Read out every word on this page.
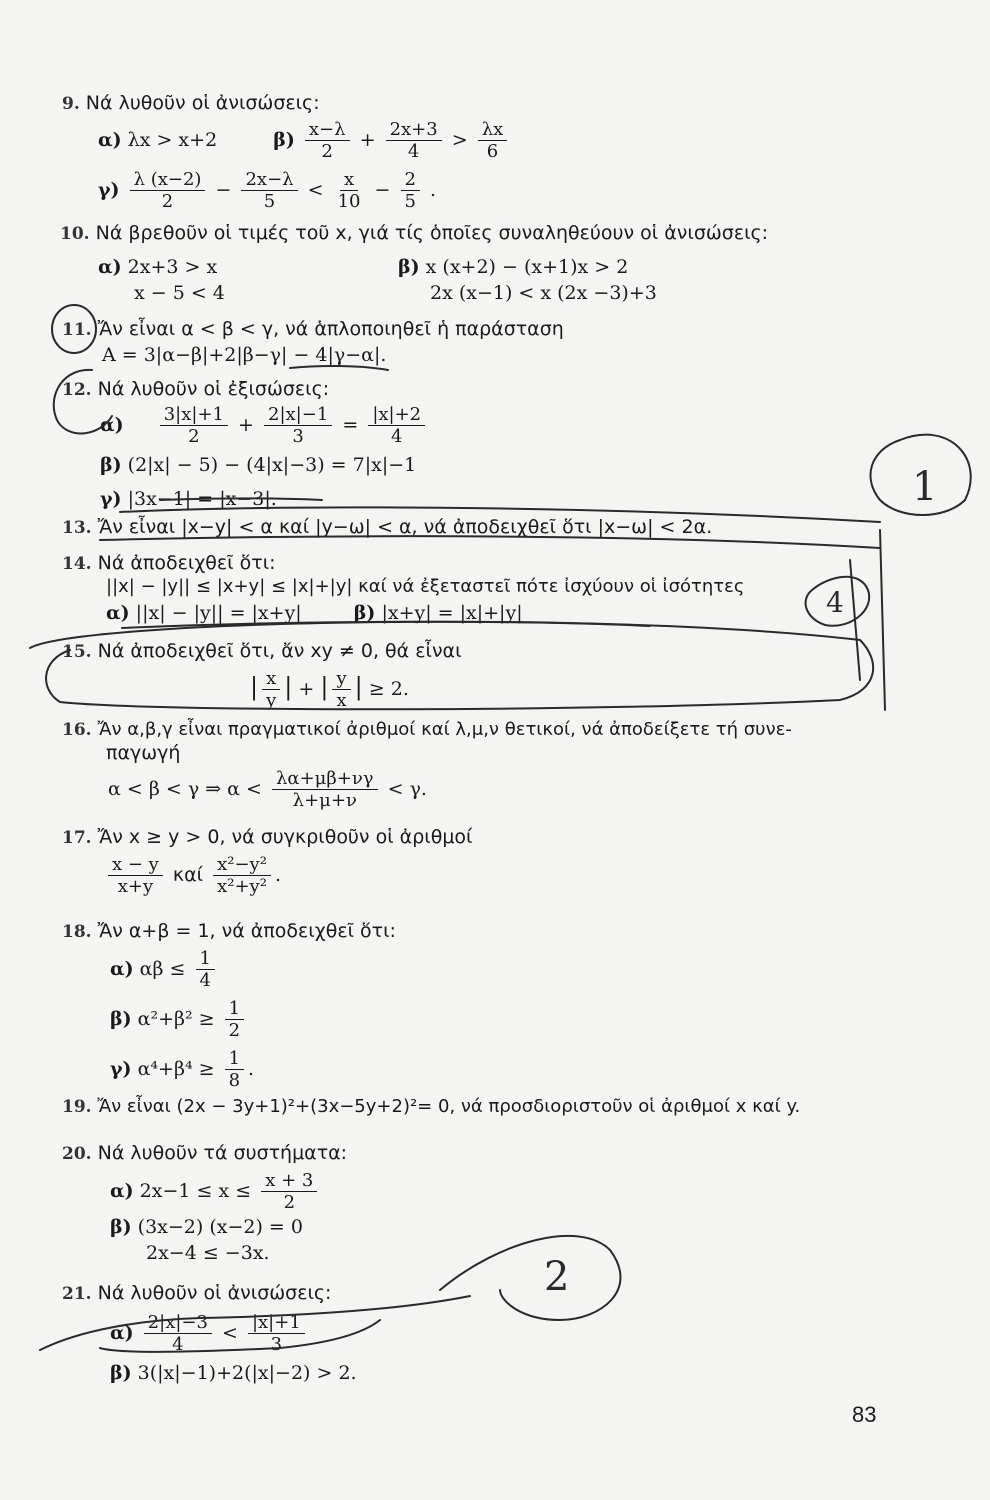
9. Νά λυθοῦν οἱ ἀνισώσεις:
α) λx > x+2	$\beta) \frac{x-\lambda}{2} + \frac{2x+3}{4} > \frac{\lambda x}{6}$
$\gamma) \frac{\lambda (x-2)}{2} - \frac{2x-\lambda}{5} < \frac{x}{10} - \frac{2}{5}$ .
10. Νά βρεθοῦν οἱ τιμές τοῦ x, γιά τίς ὁποῖες συναληθεύουν οἱ ἀνισώσεις:
α) 2x+3 > x
x − 5 < 4
β) x (x+2) − (x+1)x > 2
2x (x−1) < x (2x −3)+3
11. Ἄν εἶναι α < β < γ, νά ἁπλοποιηθεῖ ἡ παράσταση
A = 3|α−β|+2|β−γ| − 4|γ−α|.
12. Νά λυθοῦν οἱ ἐξισώσεις:
$\alpha) \frac{3|x|+1}{2} + \frac{2|x|-1}{3} = \frac{|x|+2}{4}$
β) (2|x| − 5) − (4|x|−3) = 7|x|−1
γ) |3x−1| = |x−3|.
13. Ἄν εἶναι |x−y| < α καί |y−ω| < α, νά ἀποδειχθεῖ ὅτι |x−ω| < 2α.
14. Νά ἀποδειχθεῖ ὅτι:
||x| − |y|| ≤ |x+y| ≤ |x|+|y| καί νά ἐξεταστεῖ πότε ἰσχύουν οἱ ἰσότητες
α) ||x| − |y|| = |x+y|	β) |x+y| = |x|+|y|
15. Νά ἀποδειχθεῖ ὅτι, ἄν xy ≠ 0, θά εἶναι
| $\frac{x}{y}$ | + | $\frac{y}{x}$ | ≥ 2.
16. Ἄν α,β,γ εἶναι πραγματικοί ἀριθμοί καί λ,μ,ν θετικοί, νά ἀποδείξετε τή συνε-
παγωγή
α < β < γ ⇒ $\alpha < \frac{\lambda\alpha+\mu\beta+\nu\gamma}{\lambda+\mu+\nu} < \gamma$.
17. Ἄν x ≥ y > 0, νά συγκριθοῦν οἱ ἀριθμοί
$\frac{x - y}{x+y}$ καί $\frac{\text{x²−y²}}{\text{x²+y²}}$ .
18. Ἄν α+β = 1, νά ἀποδειχθεῖ ὅτι:
α) $\alpha\beta \le \frac{1}{4}$
β) $\alpha^2+\beta^2 \ge \frac{1}{2}$
γ) $\alpha^4+\beta^4 \ge \frac{1}{8}$ .
19. Ἄν εἶναι (2x − 3y+1)²+(3x−5y+2)²= 0, νά προσδιοριστοῦν οἱ ἀριθμοί x καί y.
20. Νά λυθοῦν τά συστήματα:
α) $2x-1 \le x \le \frac{x + 3}{2}$
β) (3x−2) (x−2) = 0
2x−4 ≤ −3x.
21. Νά λυθοῦν οἱ ἀνισώσεις:
$\alpha) \frac{2|x|-3}{4} < \frac{|x|+1}{3}$
β) 3(|x|−1)+2(|x|−2) > 2.
83
1
4
2
